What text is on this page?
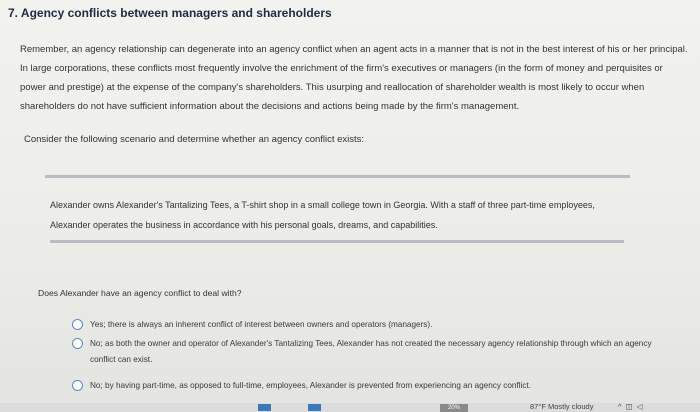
7. Agency conflicts between managers and shareholders
Remember, an agency relationship can degenerate into an agency conflict when an agent acts in a manner that is not in the best interest of his or her principal. In large corporations, these conflicts most frequently involve the enrichment of the firm's executives or managers (in the form of money and perquisites or power and prestige) at the expense of the company's shareholders. This usurping and reallocation of shareholder wealth is most likely to occur when shareholders do not have sufficient information about the decisions and actions being made by the firm's management.
Consider the following scenario and determine whether an agency conflict exists:
Alexander owns Alexander's Tantalizing Tees, a T-shirt shop in a small college town in Georgia. With a staff of three part-time employees, Alexander operates the business in accordance with his personal goals, dreams, and capabilities.
Does Alexander have an agency conflict to deal with?
Yes; there is always an inherent conflict of interest between owners and operators (managers).
No; as both the owner and operator of Alexander's Tantalizing Tees, Alexander has not created the necessary agency relationship through which an agency conflict can exist.
No; by having part-time, as opposed to full-time, employees, Alexander is prevented from experiencing an agency conflict.
20%	87°F Mostly cloudy	^ ◫ ◁
